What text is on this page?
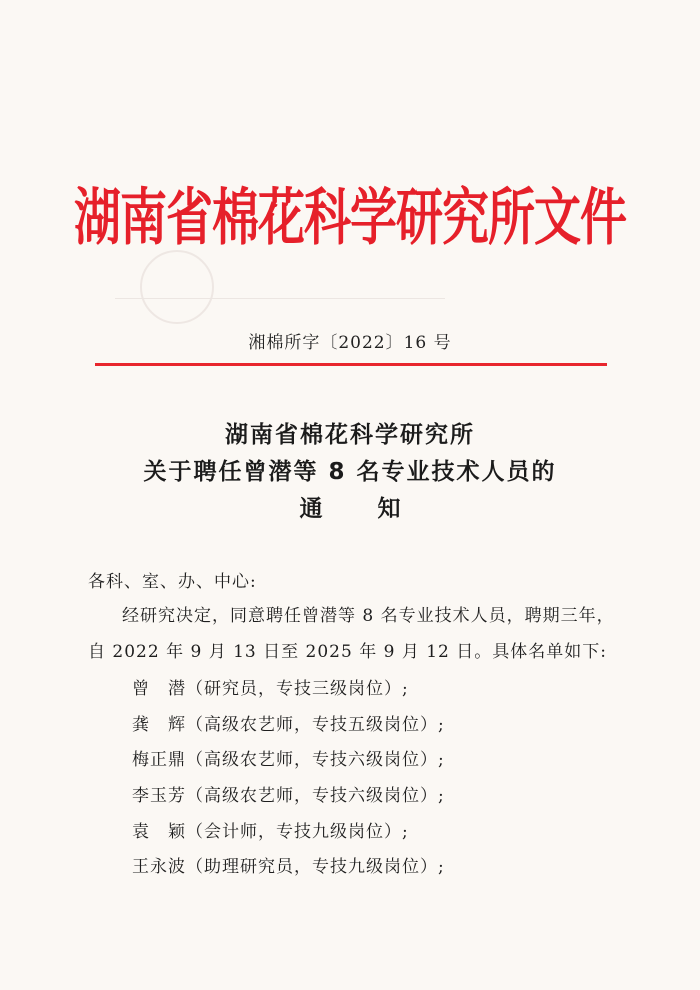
湖南省棉花科学研究所文件
湘棉所字〔2022〕16 号
湖南省棉花科学研究所
关于聘任曾潜等 8 名专业技术人员的
通知
各科、室、办、中心:
经研究决定，同意聘任曾潜等 8 名专业技术人员，聘期三年，
自 2022 年 9 月 13 日至 2025 年 9 月 12 日。具体名单如下:
曾　潜（研究员，专技三级岗位）;
龚　辉（高级农艺师，专技五级岗位）;
梅正鼎（高级农艺师，专技六级岗位）;
李玉芳（高级农艺师，专技六级岗位）;
袁　颖（会计师，专技九级岗位）;
王永波（助理研究员，专技九级岗位）;
